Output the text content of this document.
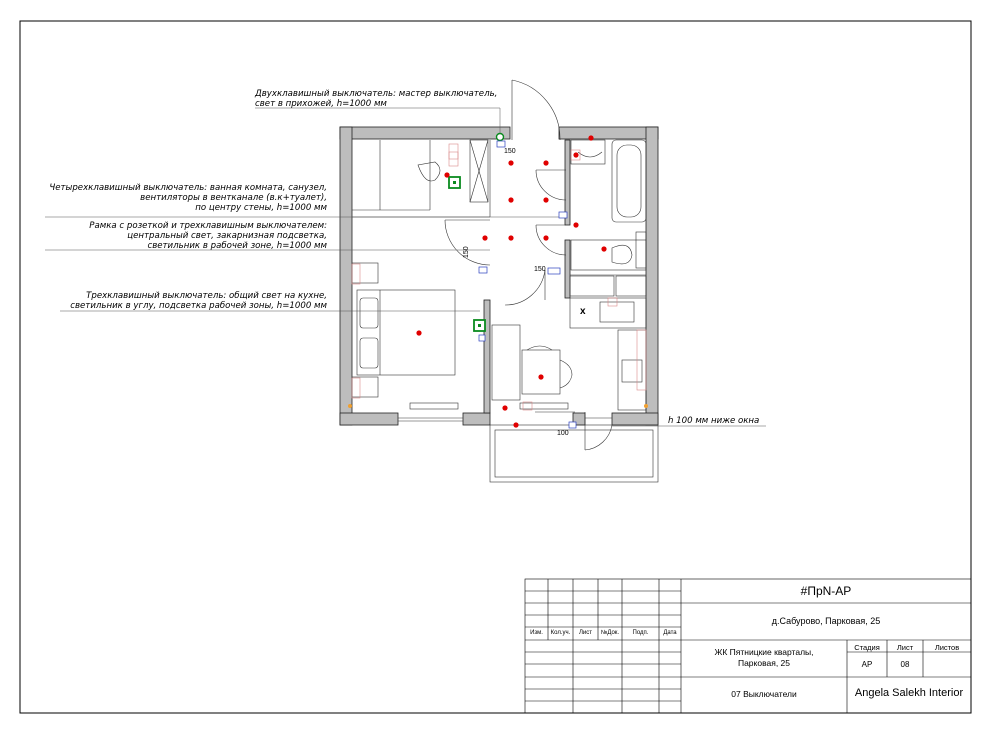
Двухклавишный выключатель: мастер выключатель,
свет в прихожей, h=1000 мм
Четырехклавишный выключатель: ванная комната, санузел,
вентиляторы в вентканале (в.к+туалет),
по центру стены, h=1000 мм
Рамка с розеткой и трехклавишным выключателем:
центральный свет, закарнизная подсветка,
светильник в рабочей зоне, h=1000 мм
Трехклавишный выключатель: общий свет на кухне,
светильник в углу, подсветка рабочей зоны, h=1000 мм
h 100 мм ниже окна
150
150
150
100
x
Изм.	Кол.уч.	Лист	№Док.	Подп.	Дата
#ПрN-АР
д.Сабурово, Парковая, 25
ЖК Пятницкие кварталы,
Парковая, 25
Стадия	Лист	Листов
АР	08
07 Выключатели	Angela Salekh Interior
